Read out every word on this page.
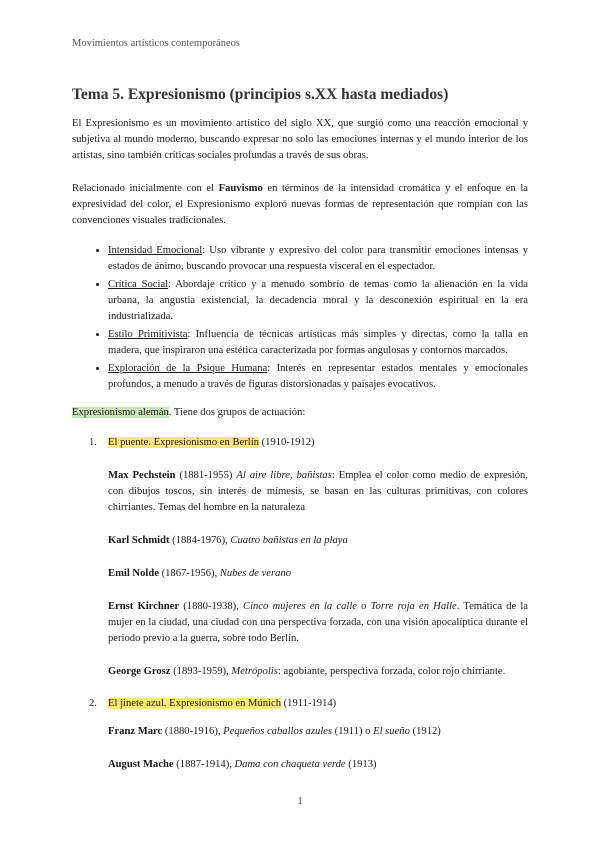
Movimientos artísticos contemporáneos
Tema 5. Expresionismo (principios s.XX hasta mediados)

El Expresionismo es un movimiento artístico del siglo XX, que surgió como una reacción emocional y subjetiva al mundo moderno, buscando expresar no solo las emociones internas y el mundo interior de los artistas, sino también críticas sociales profundas a través de sus obras.

Relacionado inicialmente con el Fauvismo en términos de la intensidad cromática y el enfoque en la expresividad del color, el Expresionismo exploró nuevas formas de representación que rompían con las convenciones visuales tradicionales.

• Intensidad Emocional: Uso vibrante y expresivo del color para transmitir emociones intensas y estados de ánimo, buscando provocar una respuesta visceral en el espectador.
• Crítica Social: Abordaje crítico y a menudo sombrío de temas como la alienación en la vida urbana, la angustia existencial, la decadencia moral y la desconexión espiritual en la era industrializada.
• Estilo Primitivista: Influencia de técnicas artísticas más simples y directas, como la talla en madera, que inspiraron una estética caracterizada por formas angulosas y contornos marcados.
• Exploración de la Psique Humana: Interés en representar estados mentales y emocionales profundos, a menudo a través de figuras distorsionadas y paisajes evocativos.

Expresionismo alemán. Tiene dos grupos de actuación:

1. El puente. Expresionismo en Berlín (1910-1912)

Max Pechstein (1881-1955) Al aire libre, bañistas: Emplea el color como medio de expresión, con dibujos toscos, sin interés de mímesis, se basan en las culturas primitivas, con colores chirriantes. Temas del hombre en la naturaleza

Karl Schmidt (1884-1976), Cuatro bañistas en la playa

Emil Nolde (1867-1956), Nubes de verano

Ernst Kirchner (1880-1938), Cinco mujeres en la calle o Torre roja en Halle. Temática de la mujer en la ciudad, una ciudad con una perspectiva forzada, con una visión apocalíptica durante el periodo previo a la guerra, sobre todo Berlín.

George Grosz (1893-1959), Metrópolis: agobiante, perspectiva forzada, color rojo chirriante.

2. El jinete azul. Expresionismo en Múnich (1911-1914)

Franz Marc (1880-1916), Pequeños caballos azules (1911) o El sueño (1912)

August Mache (1887-1914), Dama con chaqueta verde (1913)

1
